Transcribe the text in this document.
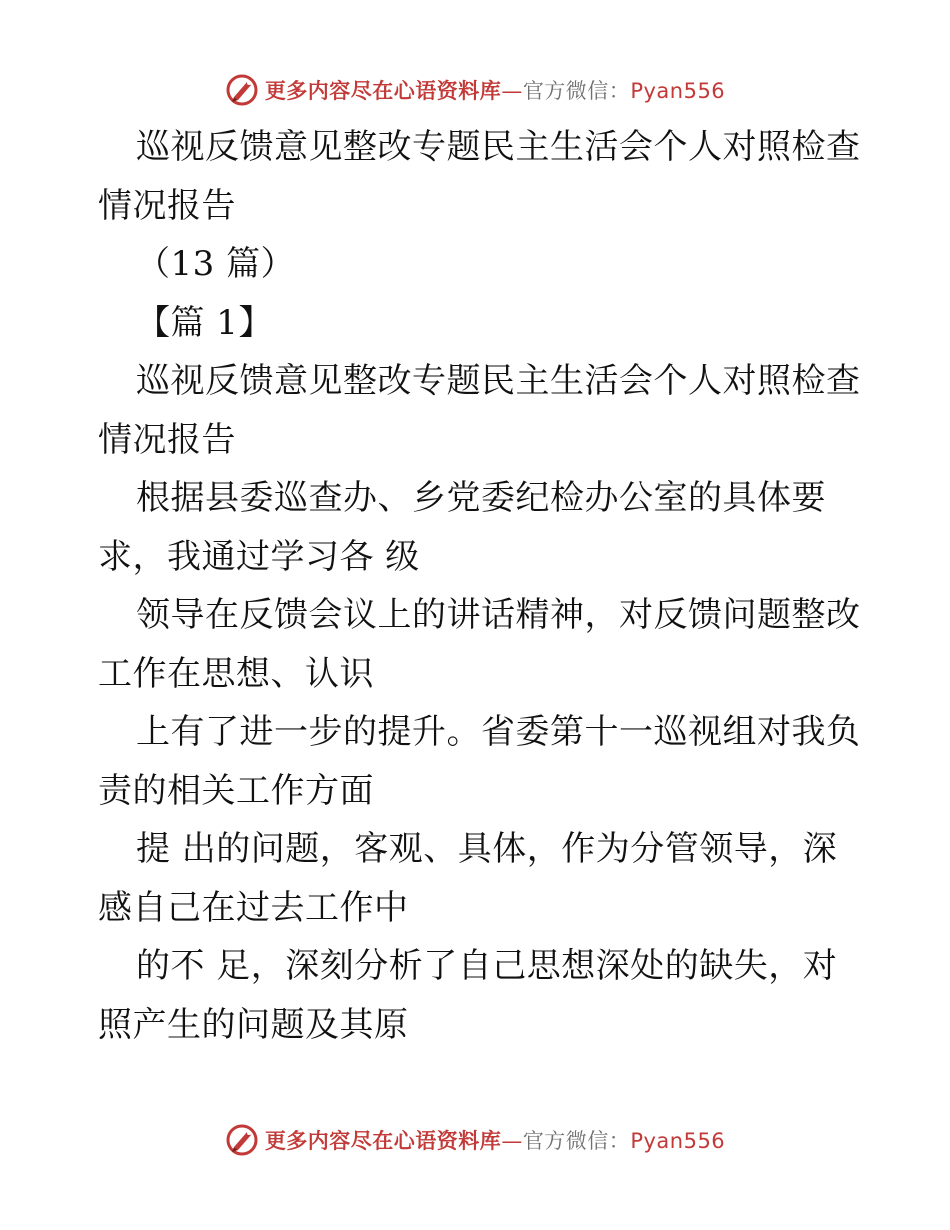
更多内容尽在心语资料库—官方微信：Pyan556
巡视反馈意见整改专题民主生活会个人对照检查
情况报告
（13 篇）
【篇 1】
巡视反馈意见整改专题民主生活会个人对照检查
情况报告
根据县委巡查办、乡党委纪检办公室的具体要
求，我通过学习各 级
领导在反馈会议上的讲话精神，对反馈问题整改
工作在思想、认识
上有了进一步的提升。省委第十一巡视组对我负
责的相关工作方面
提 出的问题，客观、具体，作为分管领导，深
感自己在过去工作中
的不 足，深刻分析了自己思想深处的缺失，对
照产生的问题及其原
更多内容尽在心语资料库—官方微信：Pyan556
